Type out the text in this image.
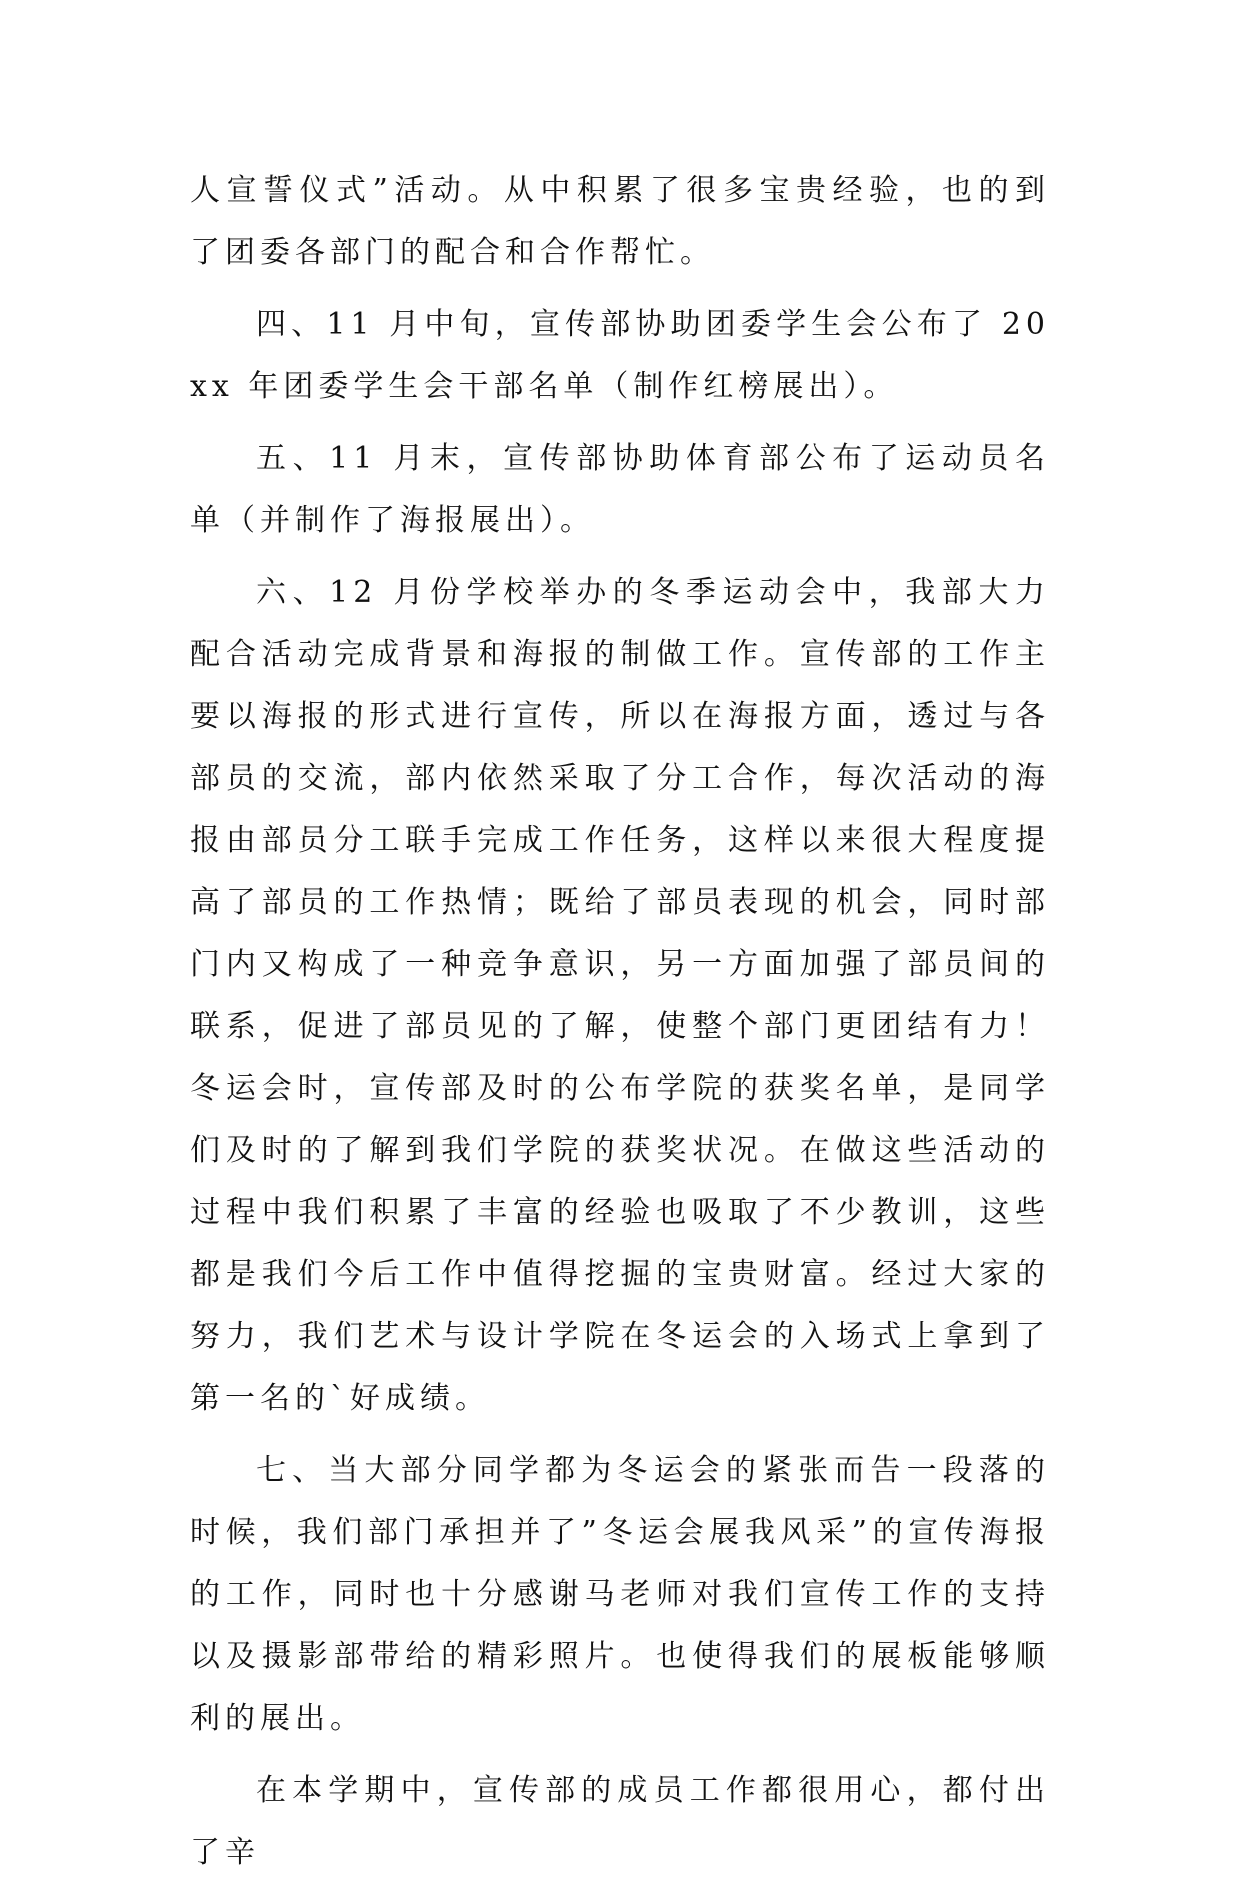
人宣誓仪式”活动。从中积累了很多宝贵经验，也的到了团委各部门的配合和合作帮忙。

四、11 月中旬，宣传部协助团委学生会公布了 20xx 年团委学生会干部名单（制作红榜展出）。

五、11 月末，宣传部协助体育部公布了运动员名单（并制作了海报展出）。

六、12 月份学校举办的冬季运动会中，我部大力配合活动完成背景和海报的制做工作。宣传部的工作主要以海报的形式进行宣传，所以在海报方面，透过与各部员的交流，部内依然采取了分工合作，每次活动的海报由部员分工联手完成工作任务，这样以来很大程度提高了部员的工作热情；既给了部员表现的机会，同时部门内又构成了一种竞争意识，另一方面加强了部员间的联系，促进了部员见的了解，使整个部门更团结有力！冬运会时，宣传部及时的公布学院的获奖名单，是同学们及时的了解到我们学院的获奖状况。在做这些活动的过程中我们积累了丰富的经验也吸取了不少教训，这些都是我们今后工作中值得挖掘的宝贵财富。经过大家的努力，我们艺术与设计学院在冬运会的入场式上拿到了第一名的`好成绩。

七、当大部分同学都为冬运会的紧张而告一段落的时候，我们部门承担并了”冬运会展我风采”的宣传海报的工作，同时也十分感谢马老师对我们宣传工作的支持以及摄影部带给的精彩照片。也使得我们的展板能够顺利的展出。

在本学期中，宣传部的成员工作都很用心，都付出了辛
